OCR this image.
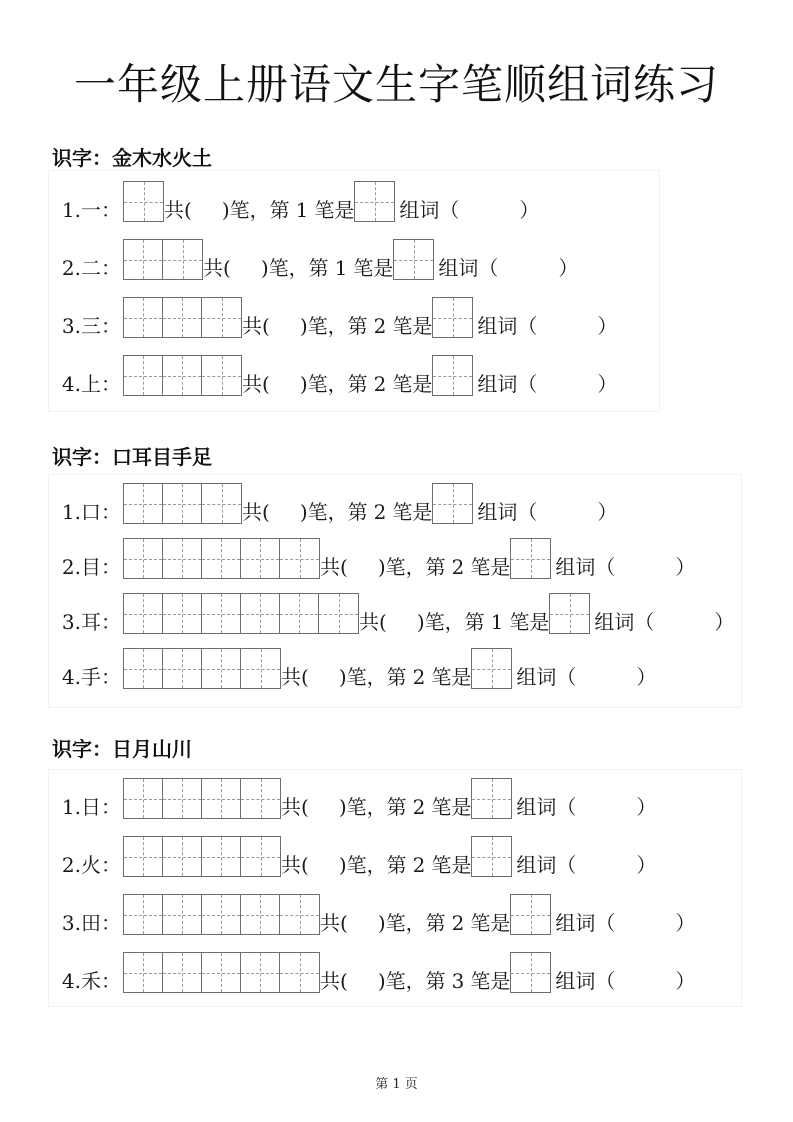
一年级上册语文生字笔顺组词练习
识字：金木水火土
识字：口耳目手足
识字：日月山川
1.一： 共( )笔， 第 1 笔是 组词（	）
2.二：	共( )笔， 第 1 笔是 组词（	）
3.三：	共( )笔， 第 2 笔是 组词（	）
4.上：	共( )笔， 第 2 笔是 组词（	）
1.口：	共( )笔， 第 2 笔是 组词（	）
2.目：	共( )笔， 第 2 笔是 组词（	）
3.耳：	共( )笔， 第 1 笔是 组词（	）
4.手：	共( )笔， 第 2 笔是 组词（	）
1.日：	共( )笔， 第 2 笔是 组词（	）
2.火：	共( )笔， 第 2 笔是 组词（	）
3.田：	共( )笔， 第 2 笔是 组词（	）
4.禾：	共( )笔， 第 3 笔是 组词（	）
第 1 页
